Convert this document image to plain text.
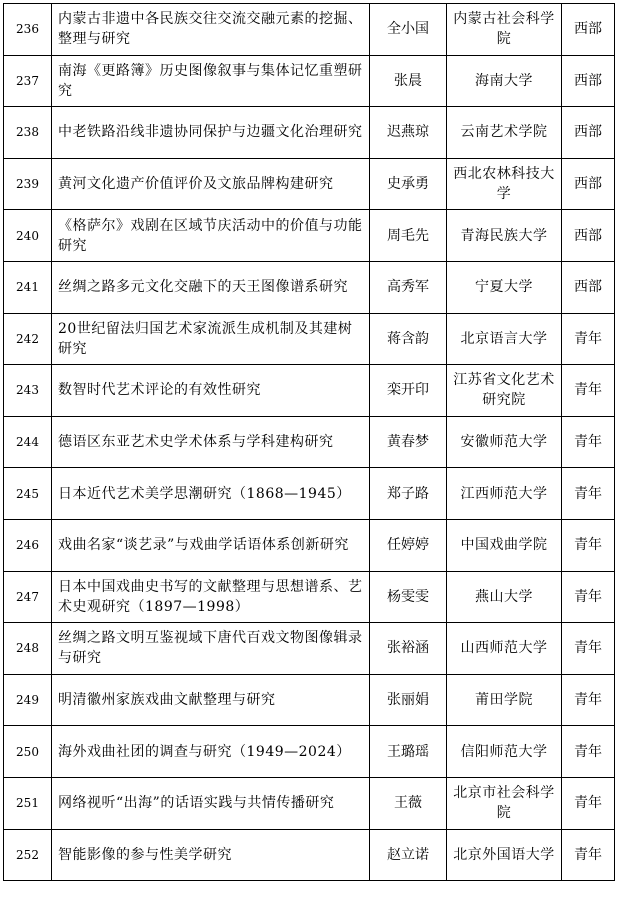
236	内蒙古非遗中各民族交往交流交融元素的挖掘、整理与研究	全小国	内蒙古社会科学院	西部
237	南海《更路簿》历史图像叙事与集体记忆重塑研究	张晨	海南大学	西部
238	中老铁路沿线非遗协同保护与边疆文化治理研究	迟燕琼	云南艺术学院	西部
239	黄河文化遗产价值评价及文旅品牌构建研究	史承勇	西北农林科技大学	西部
240	《格萨尔》戏剧在区域节庆活动中的价值与功能研究	周毛先	青海民族大学	西部
241	丝绸之路多元文化交融下的天王图像谱系研究	高秀军	宁夏大学	西部
242	20世纪留法归国艺术家流派生成机制及其建树研究	蒋含韵	北京语言大学	青年
243	数智时代艺术评论的有效性研究	栾开印	江苏省文化艺术研究院	青年
244	德语区东亚艺术史学术体系与学科建构研究	黄春梦	安徽师范大学	青年
245	日本近代艺术美学思潮研究（1868—1945）	郑子路	江西师范大学	青年
246	戏曲名家“谈艺录”与戏曲学话语体系创新研究	任婷婷	中国戏曲学院	青年
247	日本中国戏曲史书写的文献整理与思想谱系、艺术史观研究（1897—1998）	杨雯雯	燕山大学	青年
248	丝绸之路文明互鉴视域下唐代百戏文物图像辑录与研究	张裕涵	山西师范大学	青年
249	明清徽州家族戏曲文献整理与研究	张丽娟	莆田学院	青年
250	海外戏曲社团的调查与研究（1949—2024）	王璐瑶	信阳师范大学	青年
251	网络视听“出海”的话语实践与共情传播研究	王薇	北京市社会科学院	青年
252	智能影像的参与性美学研究	赵立诺	北京外国语大学	青年
